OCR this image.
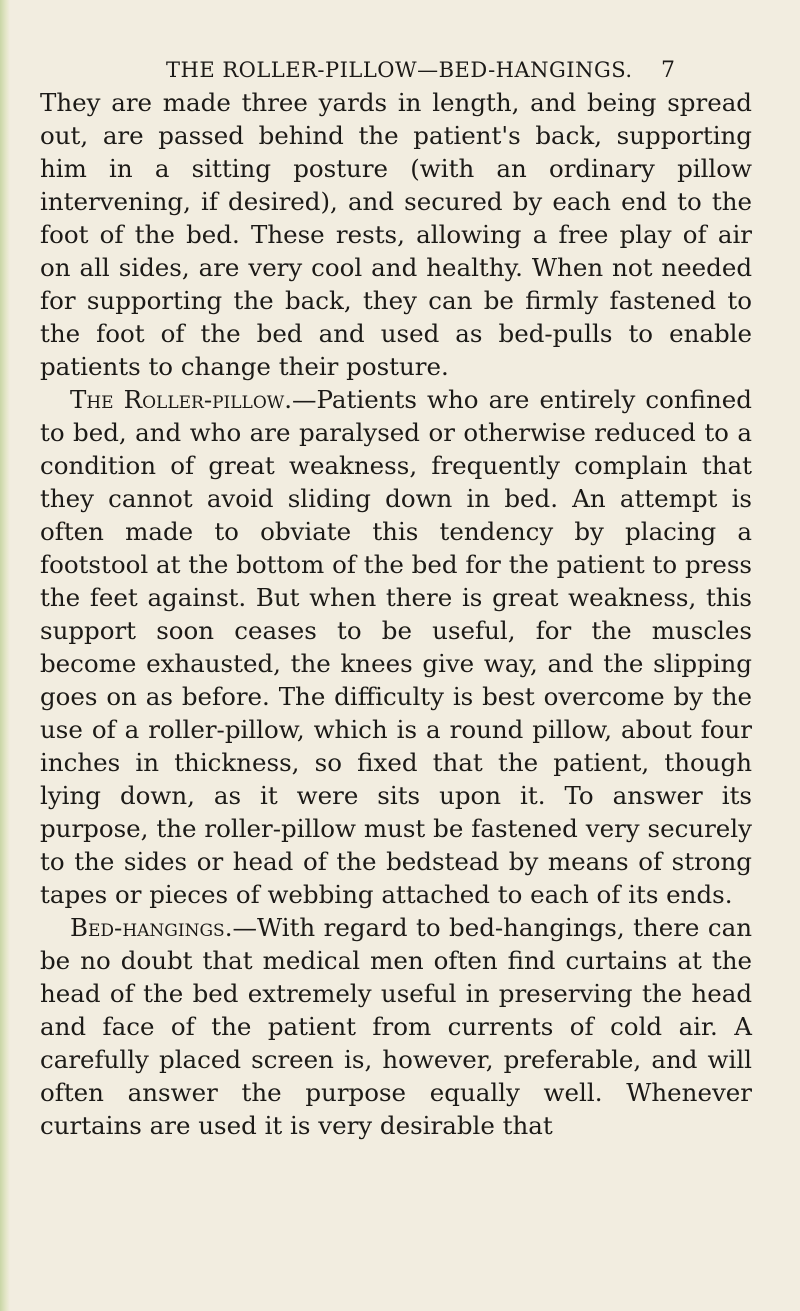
THE ROLLER-PILLOW—BED-HANGINGS. 7

They are made three yards in length, and being spread out, are passed behind the patient's back, supporting him in a sitting posture (with an ordinary pillow intervening, if desired), and secured by each end to the foot of the bed. These rests, allowing a free play of air on all sides, are very cool and healthy. When not needed for supporting the back, they can be firmly fastened to the foot of the bed and used as bed-pulls to enable patients to change their posture.

The Roller-pillow.—Patients who are entirely confined to bed, and who are paralysed or otherwise reduced to a condition of great weakness, frequently complain that they cannot avoid sliding down in bed. An attempt is often made to obviate this tendency by placing a footstool at the bottom of the bed for the patient to press the feet against. But when there is great weakness, this support soon ceases to be useful, for the muscles become exhausted, the knees give way, and the slipping goes on as before. The difficulty is best overcome by the use of a roller-pillow, which is a round pillow, about four inches in thickness, so fixed that the patient, though lying down, as it were sits upon it. To answer its purpose, the roller-pillow must be fastened very securely to the sides or head of the bedstead by means of strong tapes or pieces of webbing attached to each of its ends.

Bed-hangings.—With regard to bed-hangings, there can be no doubt that medical men often find curtains at the head of the bed extremely useful in preserving the head and face of the patient from currents of cold air. A carefully placed screen is, however, preferable, and will often answer the purpose equally well. Whenever curtains are used it is very desirable that
